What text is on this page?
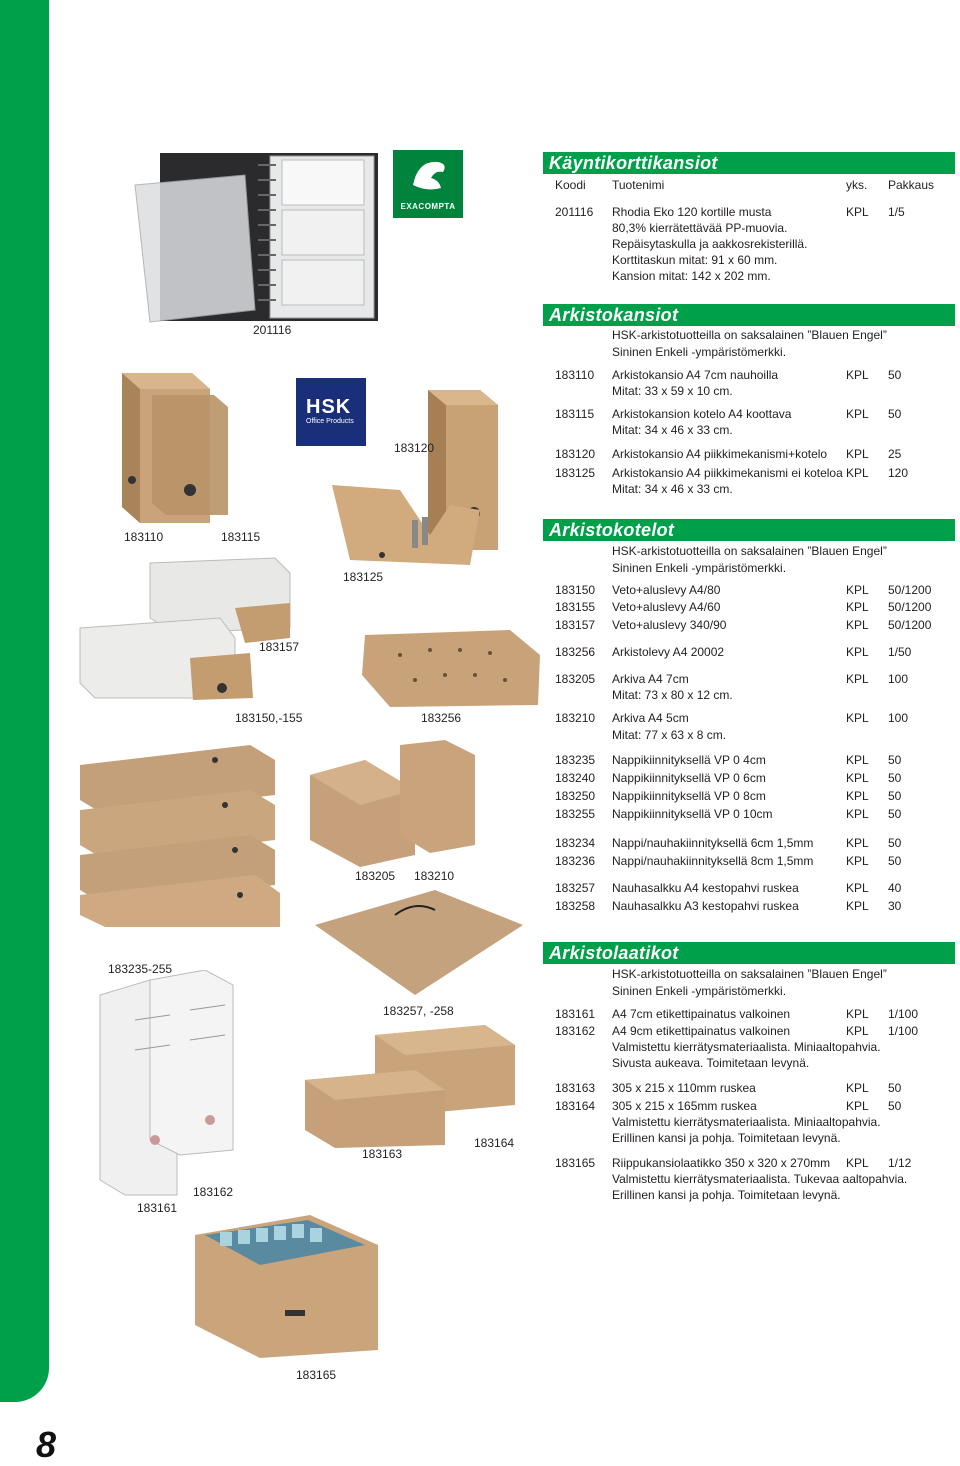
8
201116
EXACOMPTA
HSK
Office Products
183110	183115
183120
183125
183157
183150,-155	183256
183205 183210
183235-255
183257, -258
183161
183162
183163
183164
183165
Käyntikorttikansiot
Koodi Tuotenimi	yks. Pakkaus
201116 Rhodia Eko 120 kortille musta	KPL 1/5
80,3% kierrätettävää PP-muovia.
Repäisytaskulla ja aakkosrekisterillä.
Korttitaskun mitat: 91 x 60 mm.
Kansion mitat: 142 x 202 mm.
Arkistokansiot
HSK-arkistotuotteilla on saksalainen ”Blauen Engel”
Sininen Enkeli -ympäristömerkki.
183110 Arkistokansio A4 7cm nauhoilla	KPL 50
Mitat: 33 x 59 x 10 cm.
183115 Arkistokansion kotelo A4 koottava	KPL 50
Mitat: 34 x 46 x 33 cm.
183120 Arkistokansio A4 piikkimekanismi+kotelo KPL 25
183125 Arkistokansio A4 piikkimekanismi ei koteloa KPL 120
Mitat: 34 x 46 x 33 cm.
Arkistokotelot
HSK-arkistotuotteilla on saksalainen ”Blauen Engel”
Sininen Enkeli -ympäristömerkki.
183150 Veto+aluslevy A4/80	KPL 50/1200
183155 Veto+aluslevy A4/60	KPL 50/1200
183157 Veto+aluslevy 340/90	KPL 50/1200
183256 Arkistolevy A4 20002	KPL 1/50
183205 Arkiva A4 7cm	KPL 100
Mitat: 73 x 80 x 12 cm.
183210 Arkiva A4 5cm	KPL 100
Mitat: 77 x 63 x 8 cm.
183235 Nappikiinnityksellä VP 0 4cm	KPL 50
183240 Nappikiinnityksellä VP 0 6cm	KPL 50
183250 Nappikiinnityksellä VP 0 8cm	KPL 50
183255 Nappikiinnityksellä VP 0 10cm	KPL 50
183234 Nappi/nauhakiinnityksellä 6cm 1,5mm	KPL 50
183236 Nappi/nauhakiinnityksellä 8cm 1,5mm	KPL 50
183257 Nauhasalkku A4 kestopahvi ruskea	KPL 40
183258 Nauhasalkku A3 kestopahvi ruskea	KPL 30
Arkistolaatikot
HSK-arkistotuotteilla on saksalainen ”Blauen Engel”
Sininen Enkeli -ympäristömerkki.
183161 A4 7cm etikettipainatus valkoinen	KPL 1/100
183162 A4 9cm etikettipainatus valkoinen	KPL 1/100
Valmistettu kierrätysmateriaalista. Miniaaltopahvia.
Sivusta aukeava. Toimitetaan levynä.
183163 305 x 215 x 110mm ruskea	KPL 50
183164 305 x 215 x 165mm ruskea	KPL 50
Valmistettu kierrätysmateriaalista. Miniaaltopahvia.
Erillinen kansi ja pohja. Toimitetaan levynä.
183165 Riippukansiolaatikko 350 x 320 x 270mm KPL 1/12
Valmistettu kierrätysmateriaalista. Tukevaa aaltopahvia.
Erillinen kansi ja pohja. Toimitetaan levynä.
